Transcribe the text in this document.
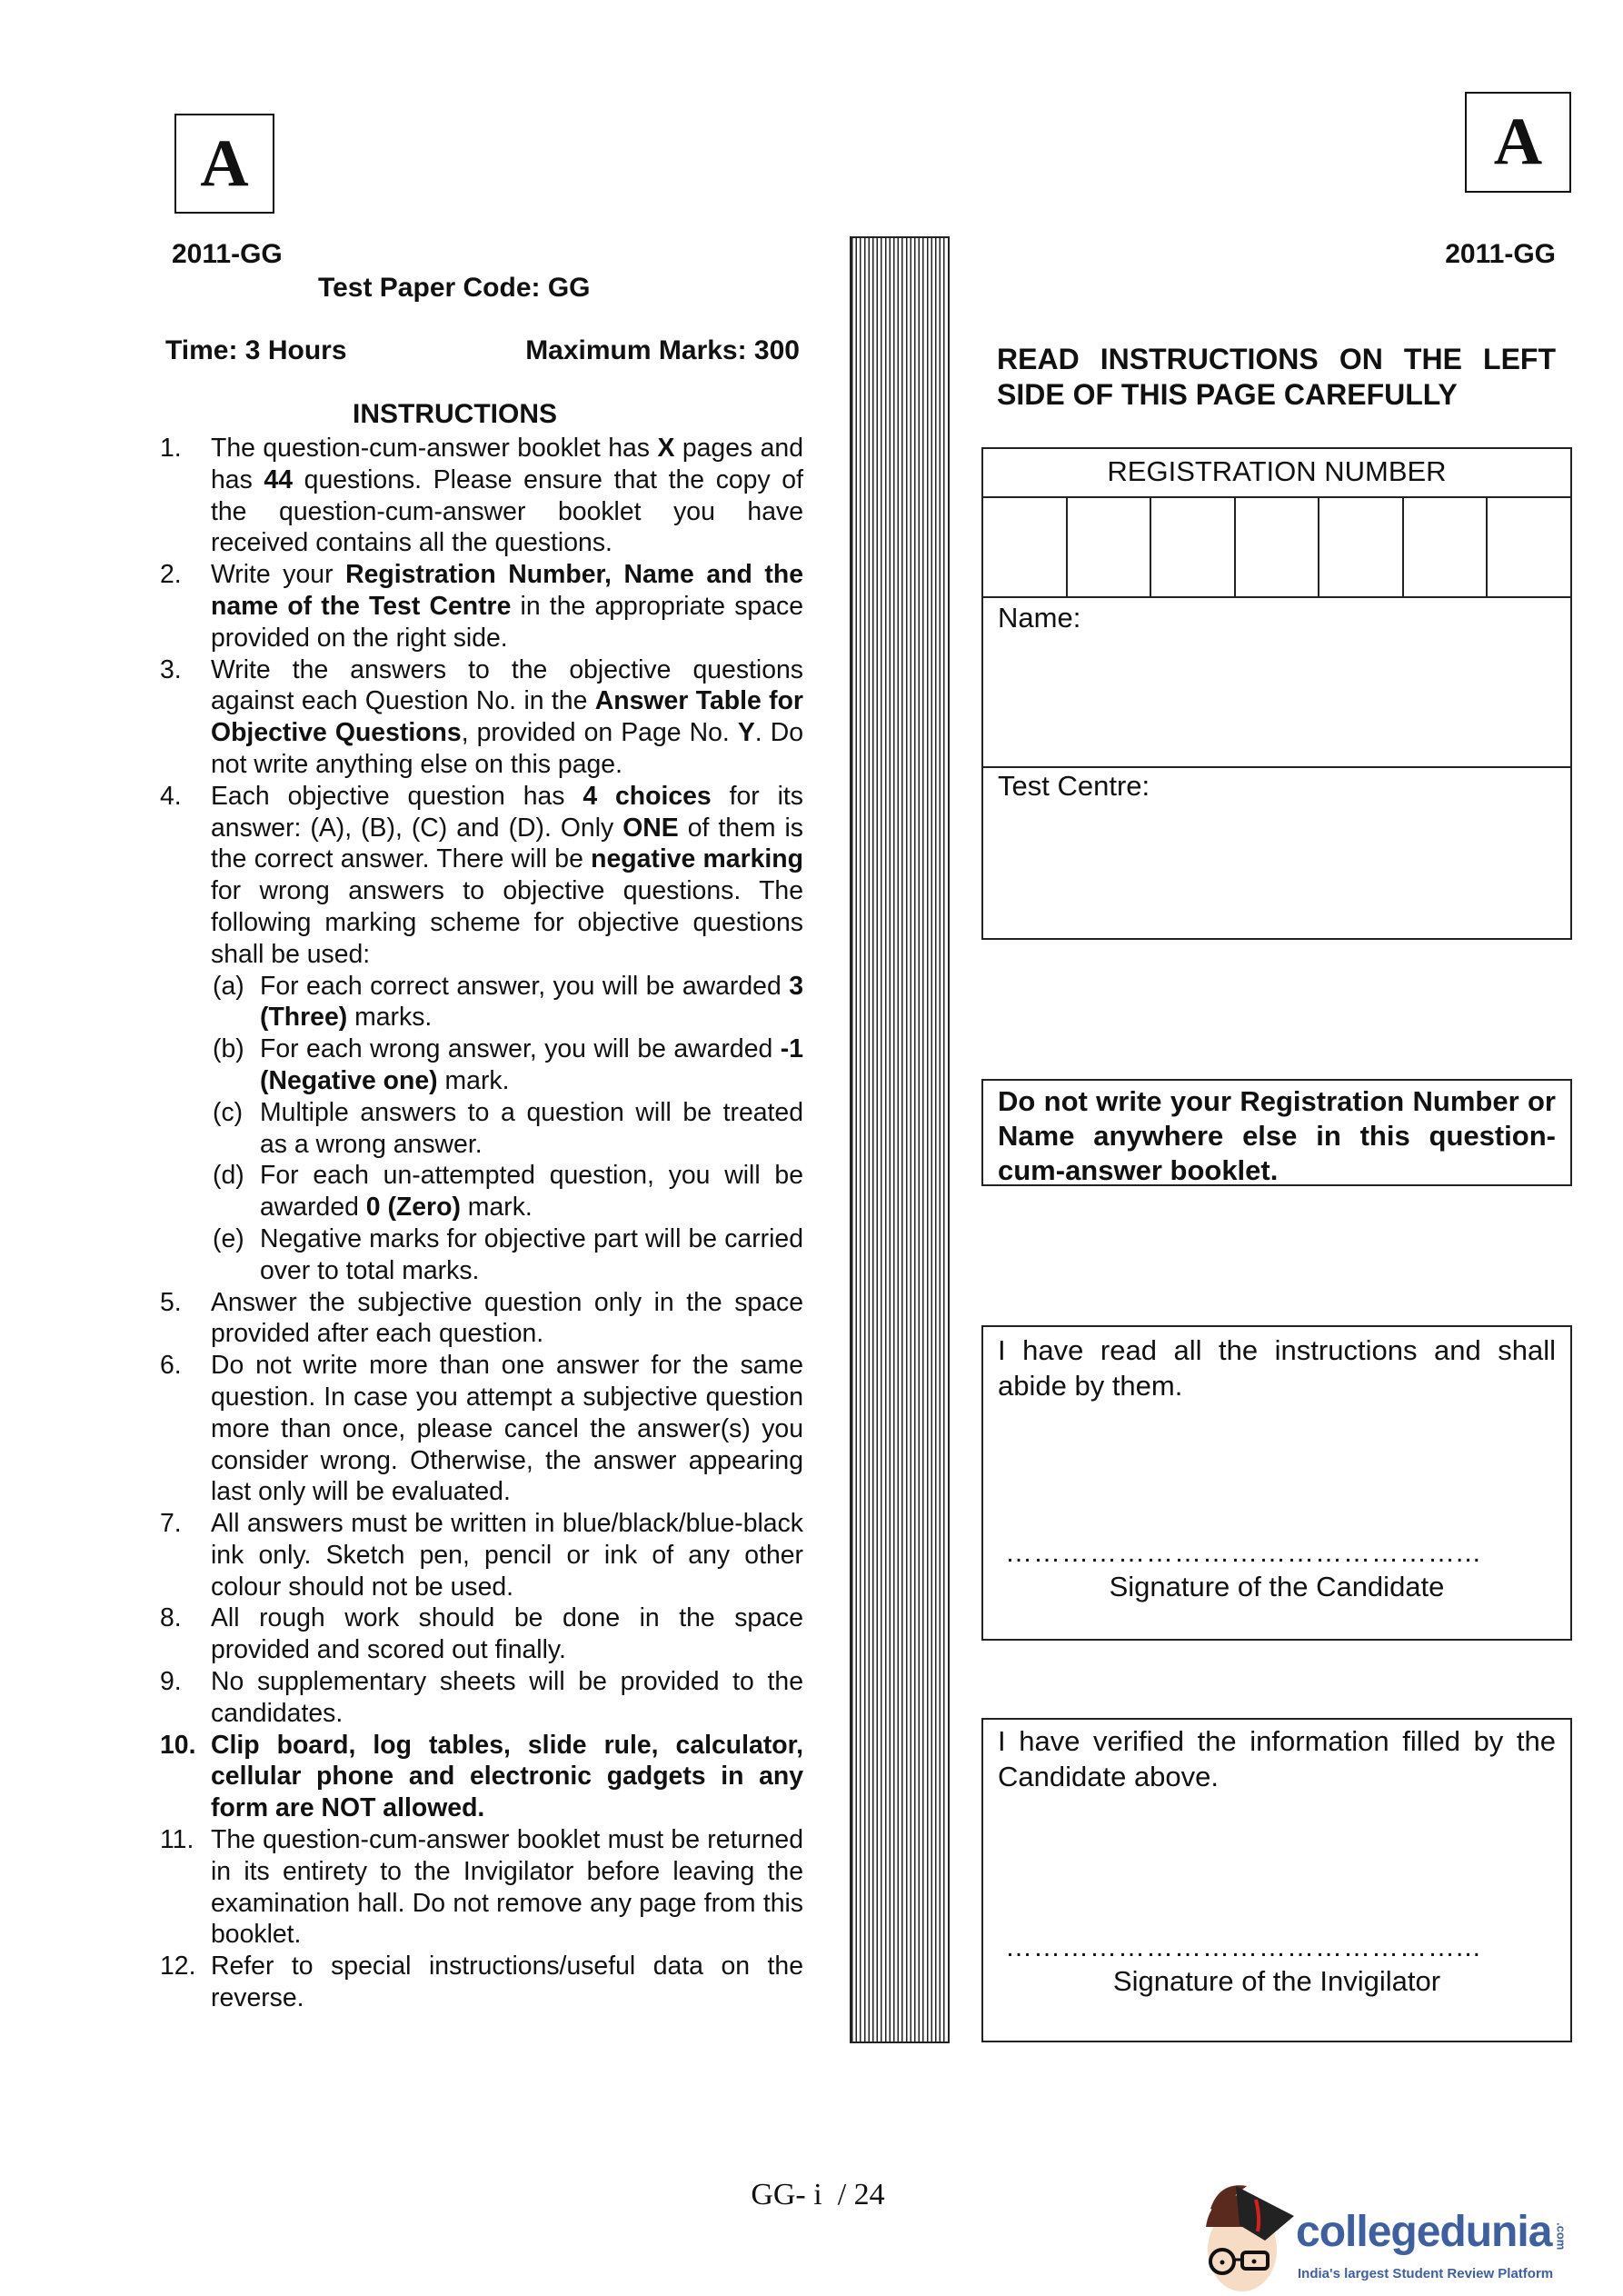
A	A
2011-GG
Test Paper Code: GG
Time: 3 Hours	Maximum Marks: 300
INSTRUCTIONS
1.	The question-cum-answer booklet has X pages and has 44 questions. Please ensure that the copy of the question-cum-answer booklet you have received contains all the questions.
2.	Write your Registration Number, Name and the name of the Test Centre in the appropriate space provided on the right side.
3.	Write the answers to the objective questions against each Question No. in the Answer Table for Objective Questions, provided on Page No. Y. Do not write anything else on this page.
4.	Each objective question has 4 choices for its answer: (A), (B), (C) and (D). Only ONE of them is the correct answer. There will be negative marking for wrong answers to objective questions. The following marking scheme for objective questions shall be used:
(a) For each correct answer, you will be awarded 3 (Three) marks.
(b) For each wrong answer, you will be awarded -1 (Negative one) mark.
(c) Multiple answers to a question will be treated as a wrong answer.
(d) For each un-attempted question, you will be awarded 0 (Zero) mark.
(e) Negative marks for objective part will be carried over to total marks.
5.	Answer the subjective question only in the space provided after each question.
6.	Do not write more than one answer for the same question. In case you attempt a subjective question more than once, please cancel the answer(s) you consider wrong. Otherwise, the answer appearing last only will be evaluated.
7.	All answers must be written in blue/black/blue-black ink only. Sketch pen, pencil or ink of any other colour should not be used.
8.	All rough work should be done in the space provided and scored out finally.
9.	No supplementary sheets will be provided to the candidates.
10. Clip board, log tables, slide rule, calculator, cellular phone and electronic gadgets in any form are NOT allowed.
11. The question-cum-answer booklet must be returned in its entirety to the Invigilator before leaving the examination hall. Do not remove any page from this booklet.
12. Refer to special instructions/useful data on the reverse.
2011-GG
READ INSTRUCTIONS ON THE LEFT SIDE OF THIS PAGE CAREFULLY
REGISTRATION NUMBER
Name:
Test Centre:
Do not write your Registration Number or Name anywhere else in this question-cum-answer booklet.
I have read all the instructions and shall abide by them.
…………………………………………...
Signature of the Candidate
I have verified the information filled by the Candidate above.
…………………………………………...
Signature of the Invigilator
GG- i  / 24
collegedunia .com
India's largest Student Review Platform
